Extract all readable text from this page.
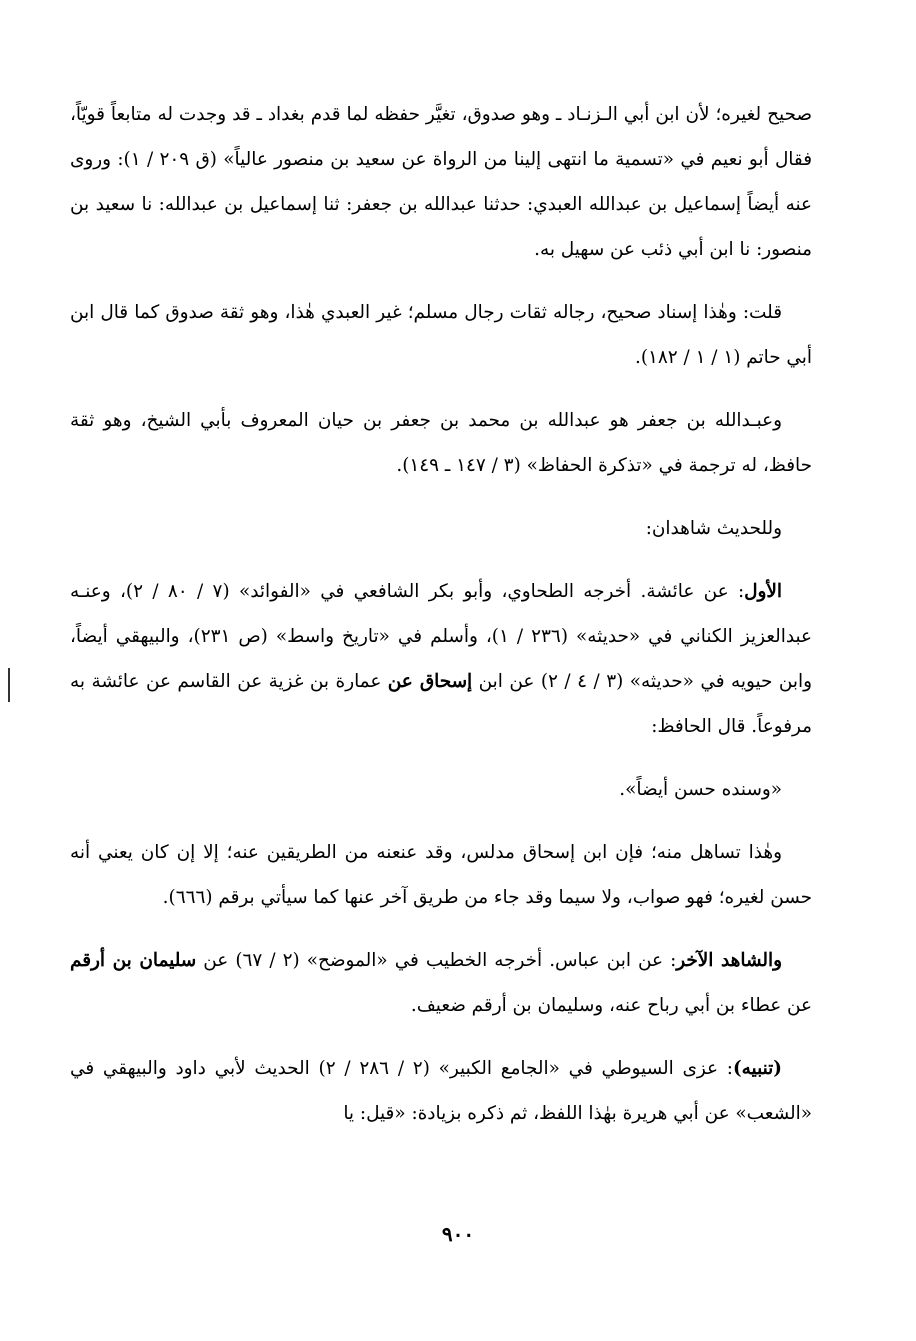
صحيح لغيره؛ لأن ابن أبي الـزنـاد ـ وهو صدوق، تغيَّر حفظه لما قدم بغداد ـ قد وجدت له متابعاً قويّاً، فقال أبو نعيم في «تسمية ما انتهى إلينا من الرواة عن سعيد بن منصور عالياً» (ق ٢٠٩ / ١): وروى عنه أيضاً إسماعيل بن عبدالله العبدي: حدثنا عبدالله بن جعفر: ثنا إسماعيل بن عبدالله: نا سعيد بن منصور: نا ابن أبي ذئب عن سهيل به.

قلت: وهٰذا إسناد صحيح، رجاله ثقات رجال مسلم؛ غير العبدي هٰذا، وهو ثقة صدوق كما قال ابن أبي حاتم (١ / ١ / ١٨٢).

وعبـدالله بن جعفر هو عبدالله بن محمد بن جعفر بن حيان المعروف بأبي الشيخ، وهو ثقة حافظ، له ترجمة في «تذكرة الحفاظ» (٣ / ١٤٧ ـ ١٤٩).

وللحديث شاهدان:

الأول: عن عائشة. أخرجه الطحاوي، وأبو بكر الشافعي في «الفوائد» (٧ / ٨٠ / ٢)، وعنـه عبدالعزيز الكناني في «حديثه» (٢٣٦ / ١)، وأسلم في «تاريخ واسط» (ص ٢٣١)، والبيهقي أيضاً، وابن حيويه في «حديثه» (٣ / ٤ / ٢) عن ابن إسحاق عن عمارة بن غزية عن القاسم عن عائشة به مرفوعاً. قال الحافظ:

«وسنده حسن أيضاً».

وهٰذا تساهل منه؛ فإن ابن إسحاق مدلس، وقد عنعنه من الطريقين عنه؛ إلا إن كان يعني أنه حسن لغيره؛ فهو صواب، ولا سيما وقد جاء من طريق آخر عنها كما سيأتي برقم (٦٦٦).

والشاهد الآخر: عن ابن عباس. أخرجه الخطيب في «الموضح» (٢ / ٦٧) عن سليمان بن أرقم عن عطاء بن أبي رباح عنه، وسليمان بن أرقم ضعيف.

(تنبيه): عزى السيوطي في «الجامع الكبير» (٢ / ٢٨٦ / ٢) الحديث لأبي داود والبيهقي في «الشعب» عن أبي هريرة بهٰذا اللفظ، ثم ذكره بزيادة: «قيل: يا

٩٠٠
